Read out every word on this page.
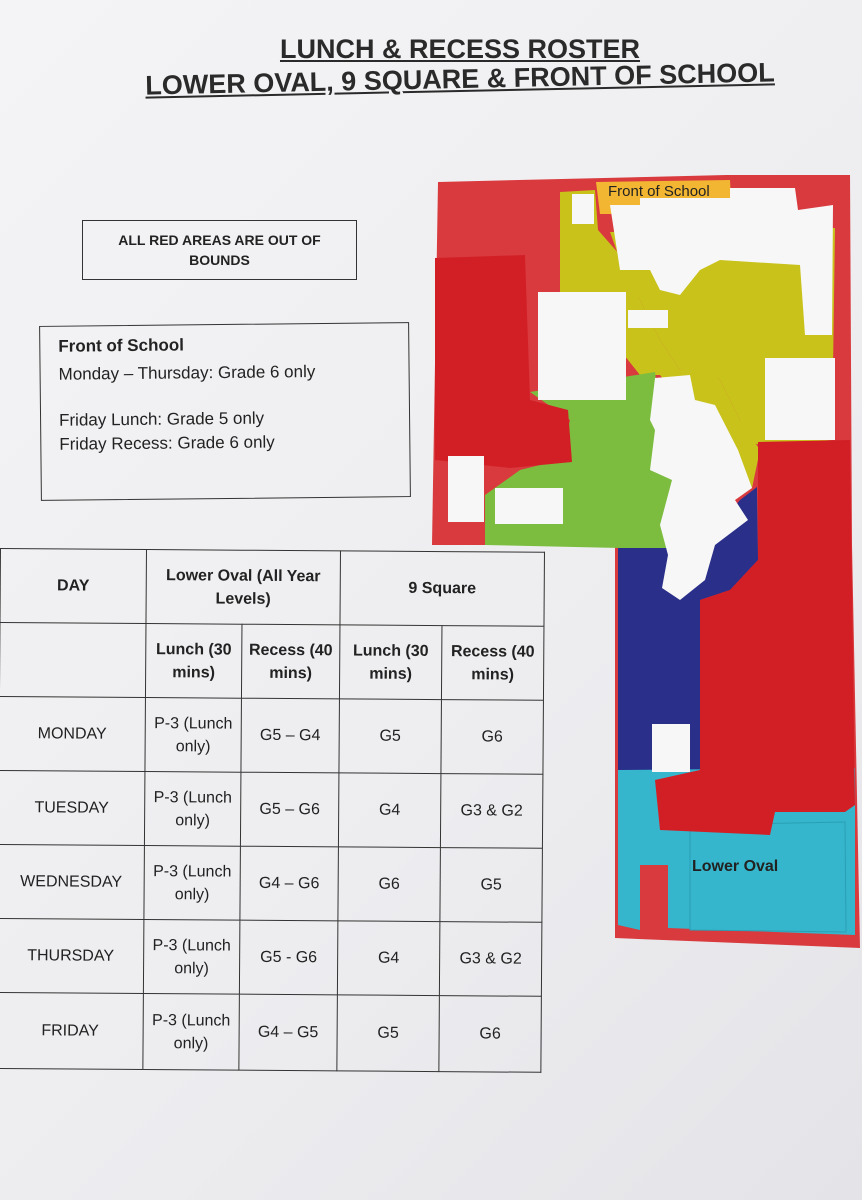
LUNCH & RECESS ROSTER
LOWER OVAL, 9 SQUARE & FRONT OF SCHOOL
ALL RED AREAS ARE OUT OF BOUNDS
Front of School
Monday – Thursday: Grade 6 only
Friday Lunch: Grade 5 only
Friday Recess: Grade 6 only
DAY	Lower Oval (All Year Levels)		9 Square	
	Lunch (30 mins)	Recess (40 mins)	Lunch (30 mins)	Recess (40 mins)
MONDAY	P-3 (Lunch only)	G5 – G4	G5	G6
TUESDAY	P-3 (Lunch only)	G5 – G6	G4	G3 & G2
WEDNESDAY	P-3 (Lunch only)	G4 – G6	G6	G5
THURSDAY	P-3 (Lunch only)	G5 - G6	G4	G3 & G2
FRIDAY	P-3 (Lunch only)	G4 – G5	G5	G6
Front of School
Lower Oval
